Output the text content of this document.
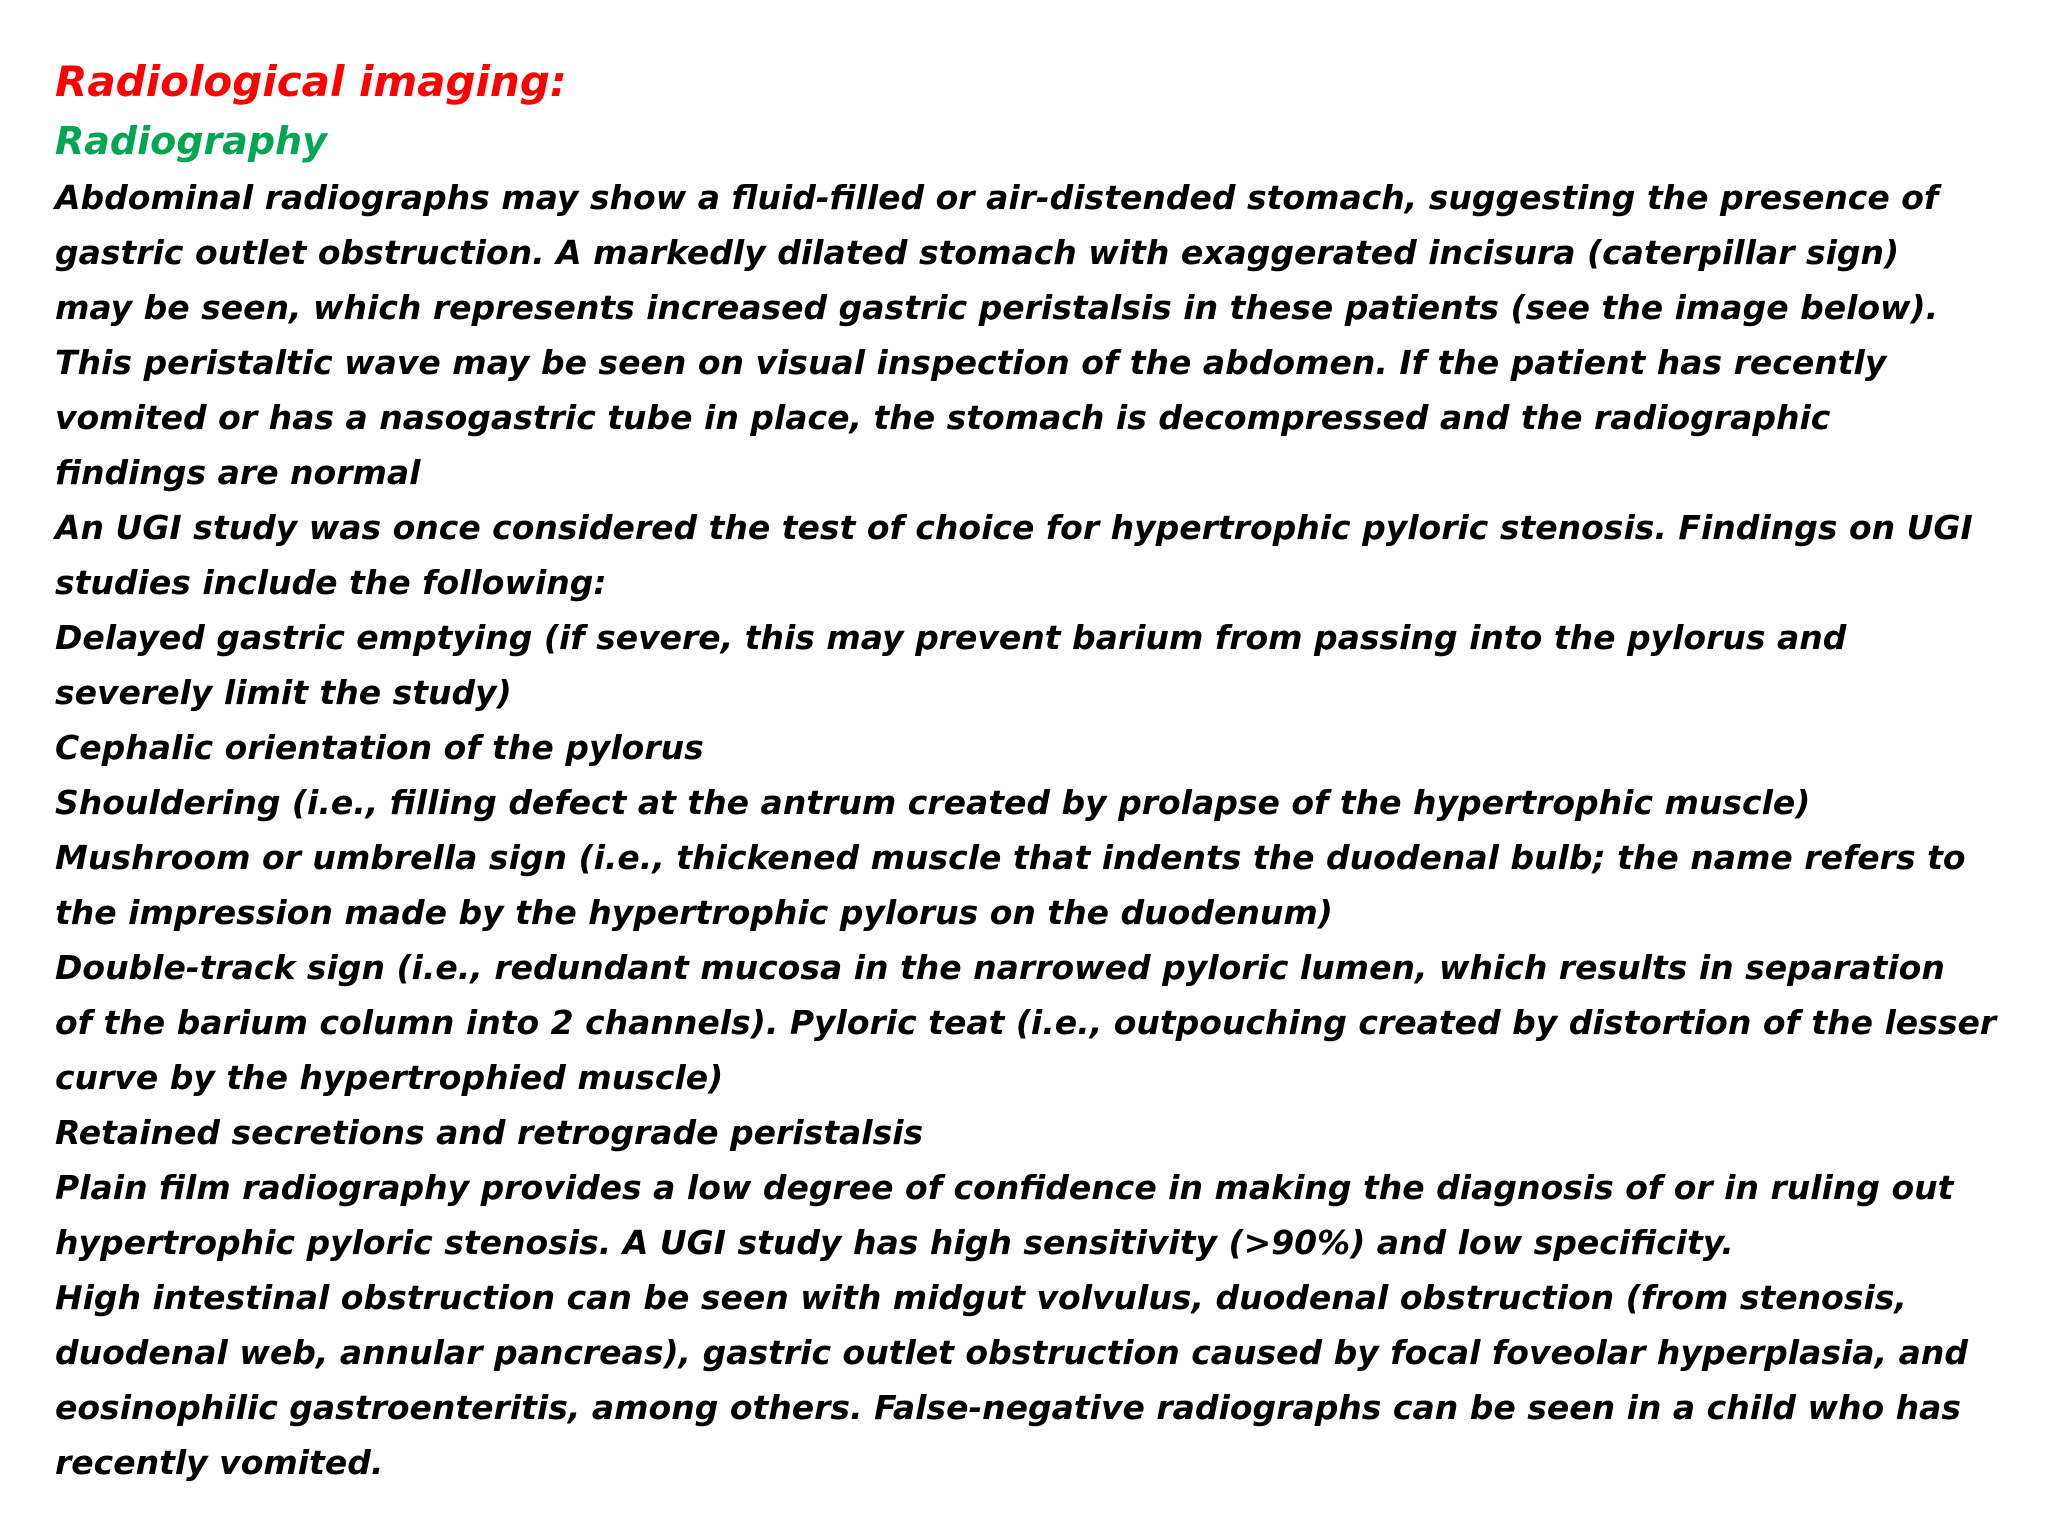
Radiological imaging:
Radiography
Abdominal radiographs may show a fluid-filled or air-distended stomach, suggesting the presence of
gastric outlet obstruction. A markedly dilated stomach with exaggerated incisura (caterpillar sign)
may be seen, which represents increased gastric peristalsis in these patients (see the image below).
This peristaltic wave may be seen on visual inspection of the abdomen. If the patient has recently
vomited or has a nasogastric tube in place, the stomach is decompressed and the radiographic
findings are normal
An UGI study was once considered the test of choice for hypertrophic pyloric stenosis. Findings on UGI
studies include the following:
Delayed gastric emptying (if severe, this may prevent barium from passing into the pylorus and
severely limit the study)
Cephalic orientation of the pylorus
Shouldering (i.e., filling defect at the antrum created by prolapse of the hypertrophic muscle)
Mushroom or umbrella sign (i.e., thickened muscle that indents the duodenal bulb; the name refers to
the impression made by the hypertrophic pylorus on the duodenum)
Double-track sign (i.e., redundant mucosa in the narrowed pyloric lumen, which results in separation
of the barium column into 2 channels). Pyloric teat (i.e., outpouching created by distortion of the lesser
curve by the hypertrophied muscle)
Retained secretions and retrograde peristalsis
Plain film radiography provides a low degree of confidence in making the diagnosis of or in ruling out
hypertrophic pyloric stenosis. A UGI study has high sensitivity (>90%) and low specificity.
High intestinal obstruction can be seen with midgut volvulus, duodenal obstruction (from stenosis,
duodenal web, annular pancreas), gastric outlet obstruction caused by focal foveolar hyperplasia, and
eosinophilic gastroenteritis, among others. False-negative radiographs can be seen in a child who has
recently vomited.
